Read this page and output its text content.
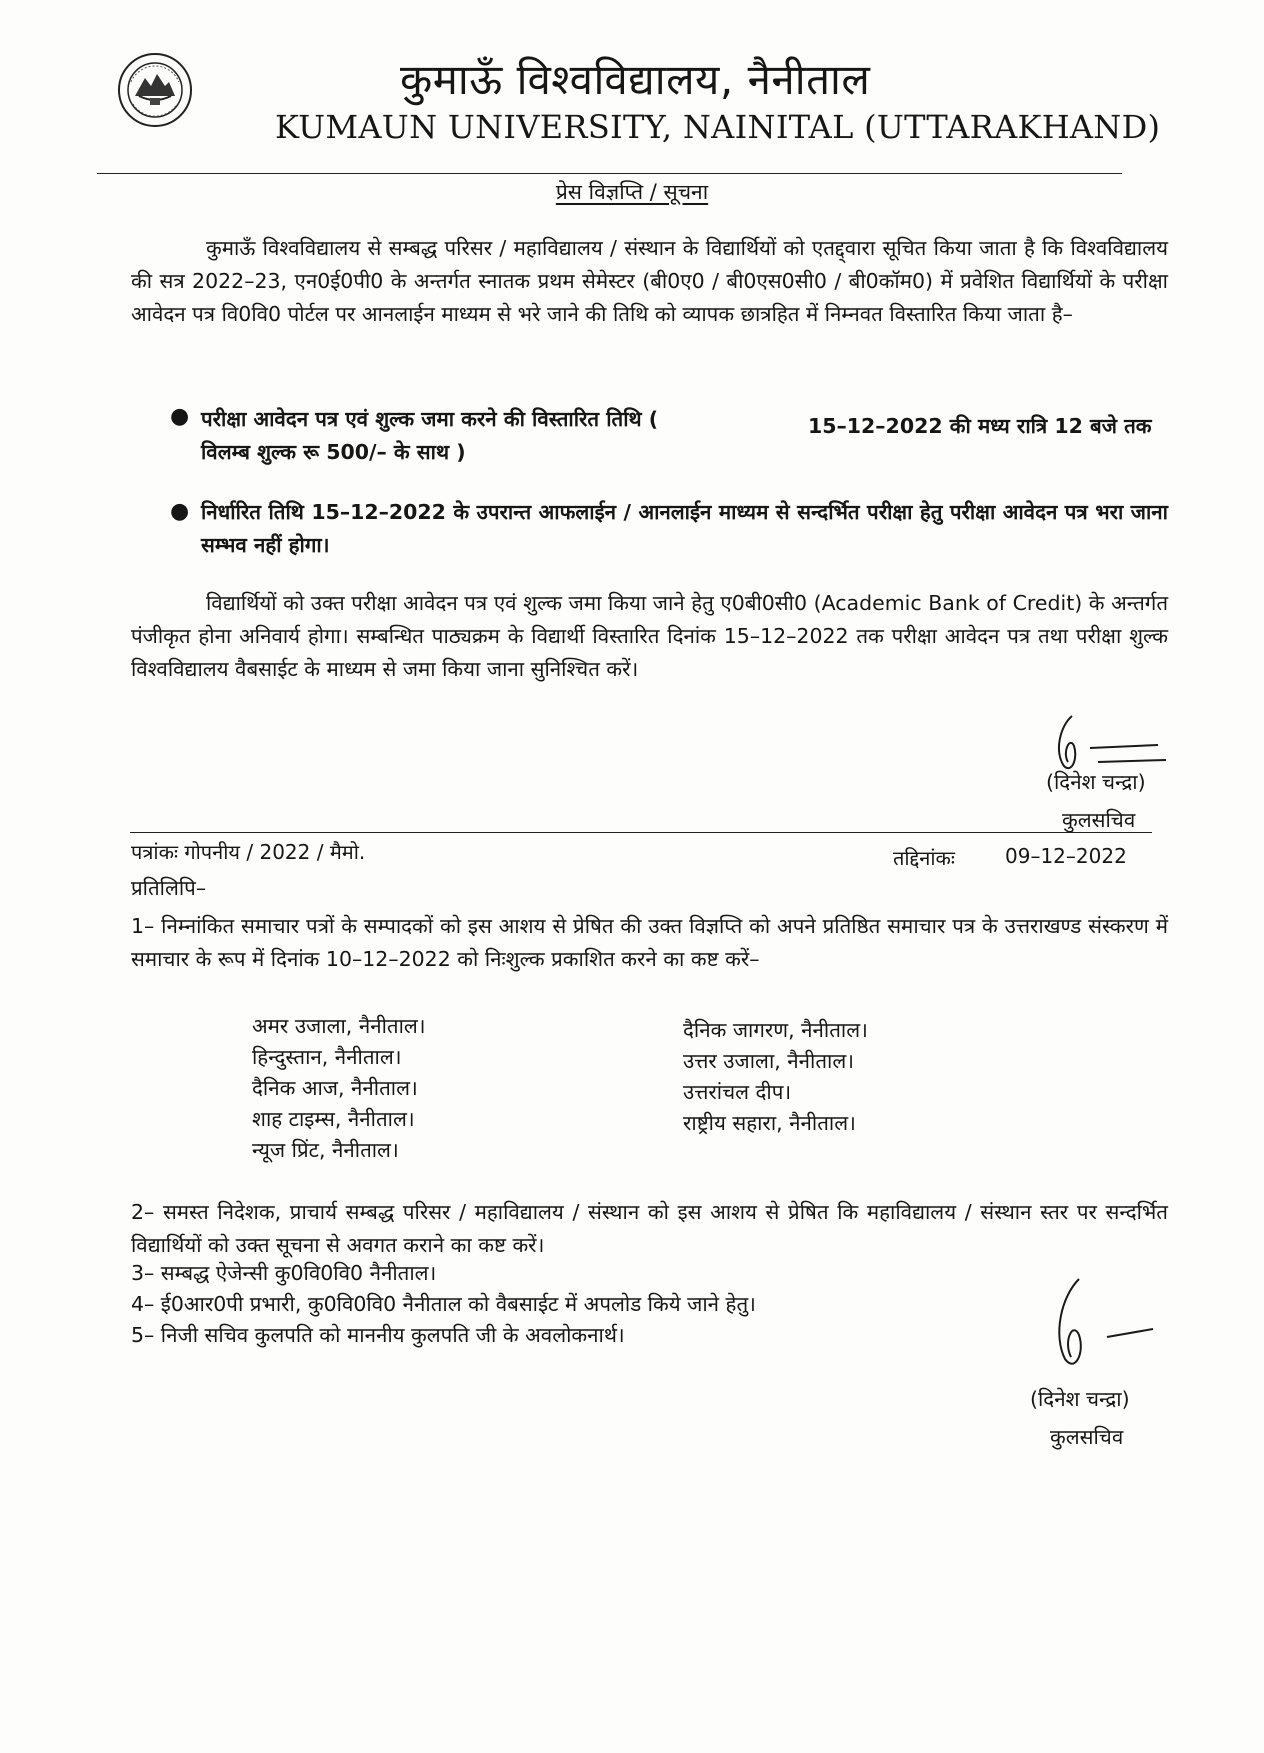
कुमाऊँ विश्वविद्यालय, नैनीताल
KUMAUN UNIVERSITY, NAINITAL (UTTARAKHAND)
प्रेस विज्ञप्ति / सूचना
कुमाऊँ विश्वविद्यालय से सम्बद्ध परिसर / महाविद्यालय / संस्थान के विद्यार्थियों को एतद्द्वारा सूचित किया जाता है कि विश्वविद्यालय की सत्र 2022–23, एन0ई0पी0 के अन्तर्गत स्नातक प्रथम सेमेस्टर (बी0ए0 / बी0एस0सी0 / बी0कॉम0) में प्रवेशित विद्यार्थियों के परीक्षा आवेदन पत्र वि0वि0 पोर्टल पर आनलाईन माध्यम से भरे जाने की तिथि को व्यापक छात्रहित में निम्नवत विस्तारित किया जाता है–
● परीक्षा आवेदन पत्र एवं शुल्क जमा करने की विस्तारित तिथि ( विलम्ब शुल्क रू 500/– के साथ )
15–12–2022 की मध्य रात्रि 12 बजे तक
● निर्धारित तिथि 15–12–2022 के उपरान्त आफलाईन / आनलाईन माध्यम से सन्दर्भित परीक्षा हेतु परीक्षा आवेदन पत्र भरा जाना सम्भव नहीं होगा।
विद्यार्थियों को उक्त परीक्षा आवेदन पत्र एवं शुल्क जमा किया जाने हेतु ए0बी0सी0 (Academic Bank of Credit) के अन्तर्गत पंजीकृत होना अनिवार्य होगा। सम्बन्धित पाठ्यक्रम के विद्यार्थी विस्तारित दिनांक 15–12–2022 तक परीक्षा आवेदन पत्र तथा परीक्षा शुल्क विश्वविद्यालय वैबसाईट के माध्यम से जमा किया जाना सुनिश्चित करें।
(दिनेश चन्द्रा)
कुलसचिव
पत्रांकः गोपनीय / 2022 / मैमो.	तद्दिनांकः	09–12–2022
प्रतिलिपि–
1– निम्नांकित समाचार पत्रों के सम्पादकों को इस आशय से प्रेषित की उक्त विज्ञप्ति को अपने प्रतिष्ठित समाचार पत्र के उत्तराखण्ड संस्करण में समाचार के रूप में दिनांक 10–12–2022 को निःशुल्क प्रकाशित करने का कष्ट करें–
अमर उजाला, नैनीताल।
हिन्दुस्तान, नैनीताल।
दैनिक आज, नैनीताल।
शाह टाइम्स, नैनीताल।
न्यूज प्रिंट, नैनीताल।
दैनिक जागरण, नैनीताल।
उत्तर उजाला, नैनीताल।
उत्तरांचल दीप।
राष्ट्रीय सहारा, नैनीताल।
2– समस्त निदेशक, प्राचार्य सम्बद्ध परिसर / महाविद्यालय / संस्थान को इस आशय से प्रेषित कि महाविद्यालय / संस्थान स्तर पर सन्दर्भित विद्यार्थियों को उक्त सूचना से अवगत कराने का कष्ट करें।
3– सम्बद्ध ऐजेन्सी कु0वि0वि0 नैनीताल।
4– ई0आर0पी प्रभारी, कु0वि0वि0 नैनीताल को वैबसाईट में अपलोड किये जाने हेतु।
5– निजी सचिव कुलपति को माननीय कुलपति जी के अवलोकनार्थ।
(दिनेश चन्द्रा)
कुलसचिव
